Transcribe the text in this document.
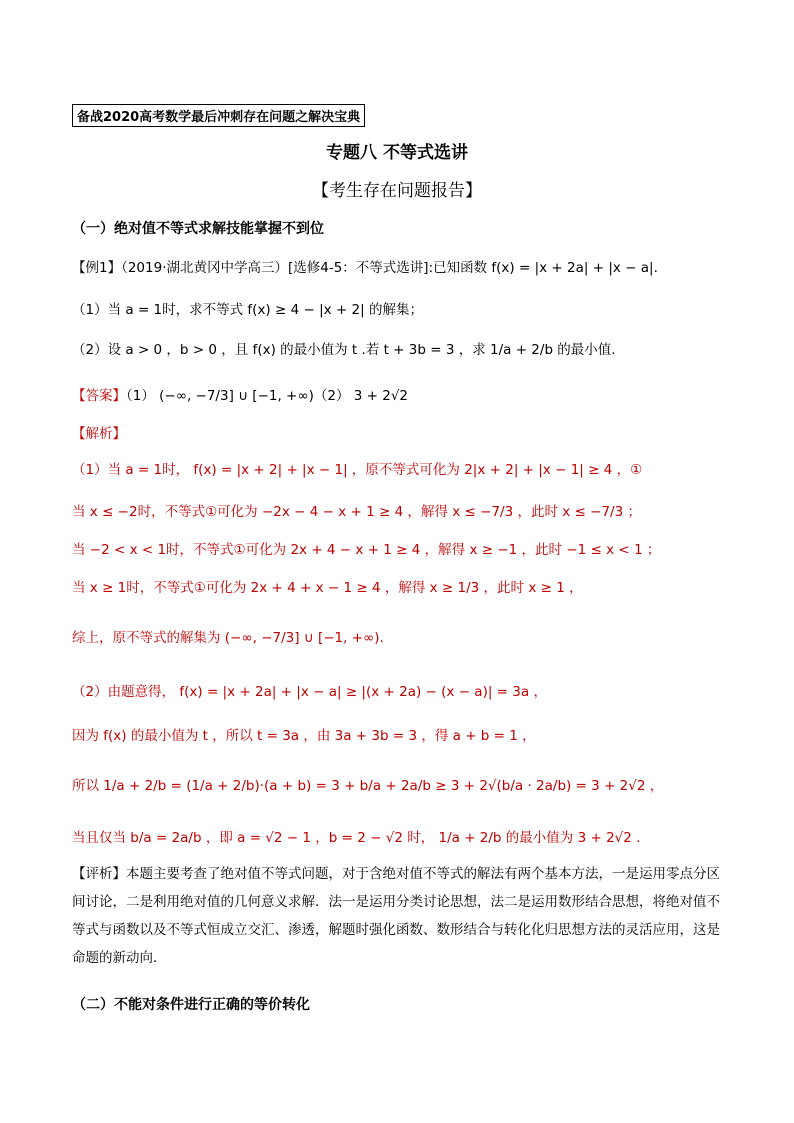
备战2020高考数学最后冲刺存在问题之解决宝典
专题八 不等式选讲
【考生存在问题报告】
（一）绝对值不等式求解技能掌握不到位
【例1】（2019·湖北黄冈中学高三）[选修4-5：不等式选讲]:已知函数 f(x) = |x + 2a| + |x − a|.
（1）当 a = 1时，求不等式 f(x) ≥ 4 − |x + 2| 的解集；
（2）设 a > 0 ，b > 0 ，且 f(x) 的最小值为 t .若 t + 3b = 3 ，求 1/a + 2/b 的最小值.
【答案】（1） (−∞, −7/3] ∪ [−1, +∞)（2） 3 + 2√2
【解析】
（1）当 a = 1时， f(x) = |x + 2| + |x − 1| ，原不等式可化为 2|x + 2| + |x − 1| ≥ 4 ，①
当 x ≤ −2时，不等式①可化为 −2x − 4 − x + 1 ≥ 4 ，解得 x ≤ −7/3 ，此时 x ≤ −7/3 ；
当 −2 < x < 1时，不等式①可化为 2x + 4 − x + 1 ≥ 4 ，解得 x ≥ −1 ，此时 −1 ≤ x < 1 ；
当 x ≥ 1时，不等式①可化为 2x + 4 + x − 1 ≥ 4 ，解得 x ≥ 1/3 ，此时 x ≥ 1 ，
综上，原不等式的解集为 (−∞, −7/3] ∪ [−1, +∞).
（2）由题意得， f(x) = |x + 2a| + |x − a| ≥ |(x + 2a) − (x − a)| = 3a ，
因为 f(x) 的最小值为 t ，所以 t = 3a ，由 3a + 3b = 3 ，得 a + b = 1 ，
所以 1/a + 2/b = (1/a + 2/b)·(a + b) = 3 + b/a + 2a/b ≥ 3 + 2√(b/a · 2a/b) = 3 + 2√2 ，
当且仅当 b/a = 2a/b ，即 a = √2 − 1 ，b = 2 − √2 时， 1/a + 2/b 的最小值为 3 + 2√2 .
【评析】本题主要考查了绝对值不等式问题，对于含绝对值不等式的解法有两个基本方法，一是运用零点分区间讨论，二是利用绝对值的几何意义求解．法一是运用分类讨论思想，法二是运用数形结合思想，将绝对值不等式与函数以及不等式恒成立交汇、渗透，解题时强化函数、数形结合与转化化归思想方法的灵活应用，这是命题的新动向．
（二）不能对条件进行正确的等价转化
